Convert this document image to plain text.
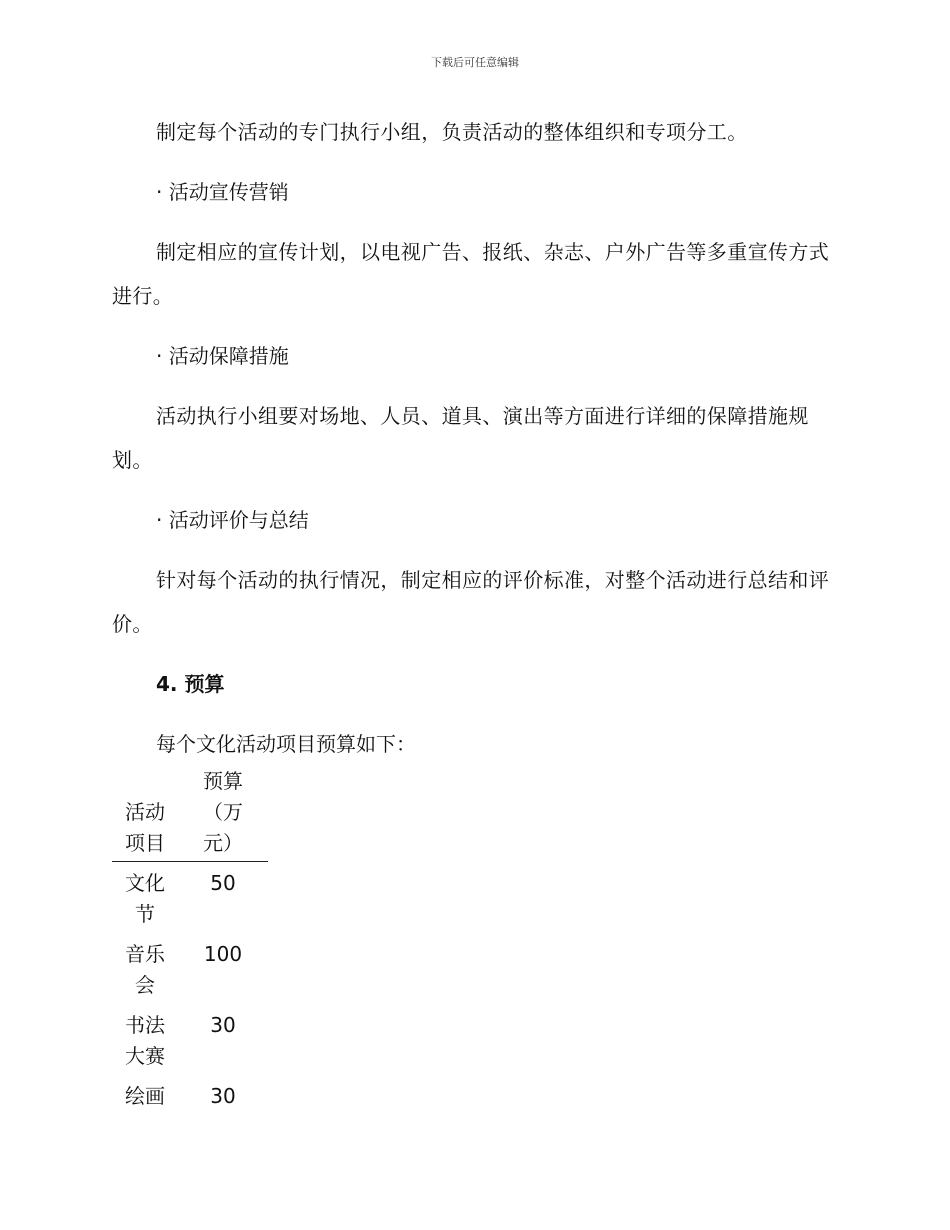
下载后可任意编辑

制定每个活动的专门执行小组，负责活动的整体组织和专项分工。

· 活动宣传营销

制定相应的宣传计划，以电视广告、报纸、杂志、户外广告等多重宣传方式进行。

· 活动保障措施

活动执行小组要对场地、人员、道具、演出等方面进行详细的保障措施规划。

· 活动评价与总结

针对每个活动的执行情况，制定相应的评价标准，对整个活动进行总结和评价。

4. 预算

每个文化活动项目预算如下：

活动项目	预算（万元）
文化节	50
音乐会	100
书法大赛	30
绘画	30
